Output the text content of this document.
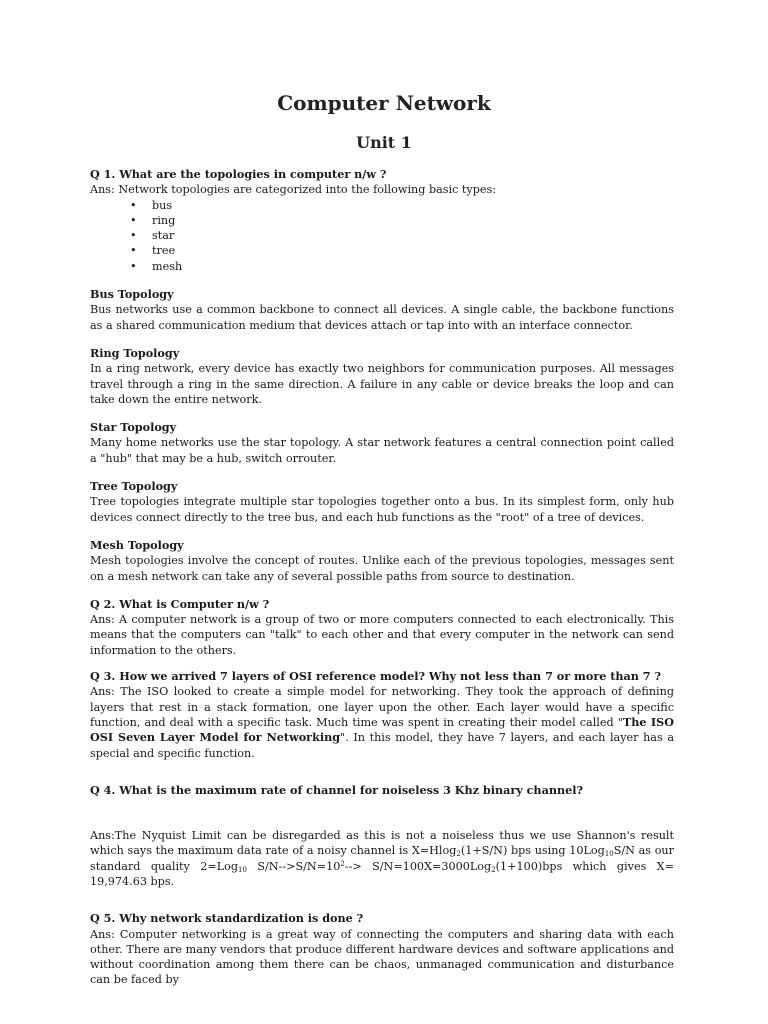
Computer Network
Unit 1

Q 1. What are the topologies in computer n/w ?

Ans: Network topologies are categorized into the following basic types:

• bus
• ring
• star
• tree
• mesh

Bus Topology

Bus networks use a common backbone to connect all devices. A single cable, the backbone functions as a shared communication medium that devices attach or tap into with an interface connector.

Ring Topology

In a ring network, every device has exactly two neighbors for communication purposes. All messages travel through a ring in the same direction. A failure in any cable or device breaks the loop and can take down the entire network.

Star Topology

Many home networks use the star topology. A star network features a central connection point called a "hub" that may be a hub, switch orrouter.

Tree Topology

Tree topologies integrate multiple star topologies together onto a bus. In its simplest form, only hub devices connect directly to the tree bus, and each hub functions as the "root" of a tree of devices.

Mesh Topology

Mesh topologies involve the concept of routes. Unlike each of the previous topologies, messages sent on a mesh network can take any of several possible paths from source to destination.

Q 2. What is Computer n/w ?

Ans: A computer network is a group of two or more computers connected to each electronically. This means that the computers can "talk" to each other and that every computer in the network can send information to the others.

Q 3. How we arrived 7 layers of OSI reference model? Why not less than 7 or more than 7 ?

Ans: The ISO looked to create a simple model for networking. They took the approach of defining layers that rest in a stack formation, one layer upon the other. Each layer would have a specific function, and deal with a specific task. Much time was spent in creating their model called "The ISO OSI Seven Layer Model for Networking". In this model, they have 7 layers, and each layer has a special and specific function.

Q 4. What is the maximum rate of channel for noiseless 3 Khz binary channel?

Ans:The Nyquist Limit can be disregarded as this is not a noiseless thus we use Shannon's result which says the maximum data rate of a noisy channel is X=Hlog$_2$(1+S/N) bps using 10Log$_{10}$S/N as our standard quality 2=Log$_{10}$ $S/N-->S/N=10^2--> S/N=100X=3000Log_2(1+100)bps$ which gives X= 19,974.63 bps.

Q 5. Why network standardization is done ?

Ans: Computer networking is a great way of connecting the computers and sharing data with each other. There are many vendors that produce different hardware devices and software applications and without coordination among them there can be chaos, unmanaged communication and disturbance can be faced by
